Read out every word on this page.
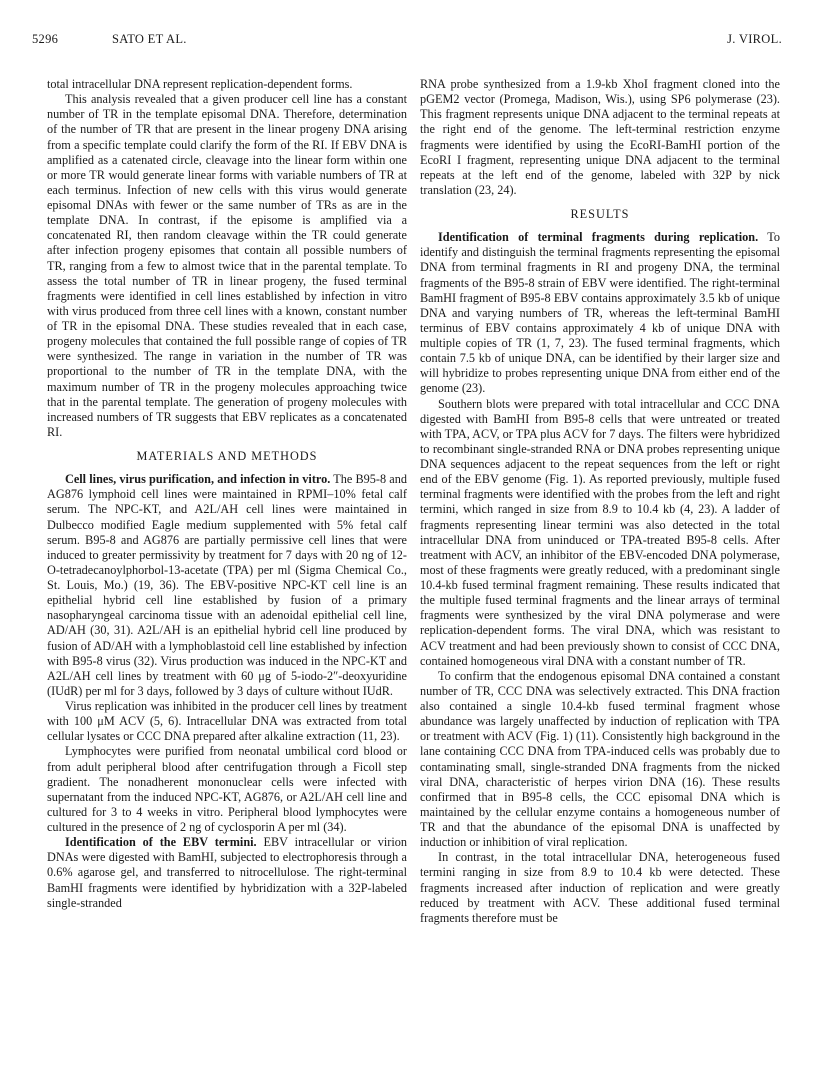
5296	SATO ET AL.	J. VIROL.

total intracellular DNA represent replication-dependent forms.

This analysis revealed that a given producer cell line has a constant number of TR in the template episomal DNA. Therefore, determination of the number of TR that are present in the linear progeny DNA arising from a specific template could clarify the form of the RI. If EBV DNA is amplified as a catenated circle, cleavage into the linear form within one or more TR would generate linear forms with variable numbers of TR at each terminus. Infection of new cells with this virus would generate episomal DNAs with fewer or the same number of TRs as are in the template DNA. In contrast, if the episome is amplified via a concatenated RI, then random cleavage within the TR could generate after infection progeny episomes that contain all possible numbers of TR, ranging from a few to almost twice that in the parental template. To assess the total number of TR in linear progeny, the fused terminal fragments were identified in cell lines established by infection in vitro with virus produced from three cell lines with a known, constant number of TR in the episomal DNA. These studies revealed that in each case, progeny molecules that contained the full possible range of copies of TR were synthesized. The range in variation in the number of TR was proportional to the number of TR in the template DNA, with the maximum number of TR in the progeny molecules approaching twice that in the parental template. The generation of progeny molecules with increased numbers of TR suggests that EBV replicates as a concatenated RI.

MATERIALS AND METHODS

Cell lines, virus purification, and infection in vitro. The B95-8 and AG876 lymphoid cell lines were maintained in RPMI–10% fetal calf serum. The NPC-KT, and A2L/AH cell lines were maintained in Dulbecco modified Eagle medium supplemented with 5% fetal calf serum. B95-8 and AG876 are partially permissive cell lines that were induced to greater permissivity by treatment for 7 days with 20 ng of 12-O-tetradecanoylphorbol-13-acetate (TPA) per ml (Sigma Chemical Co., St. Louis, Mo.) (19, 36). The EBV-positive NPC-KT cell line is an epithelial hybrid cell line established by fusion of a primary nasopharyngeal carcinoma tissue with an adenoidal epithelial cell line, AD/AH (30, 31). A2L/AH is an epithelial hybrid cell line produced by fusion of AD/AH with a lymphoblastoid cell line established by infection with B95-8 virus (32). Virus production was induced in the NPC-KT and A2L/AH cell lines by treatment with 60 μg of 5-iodo-2″-deoxyuridine (IUdR) per ml for 3 days, followed by 3 days of culture without IUdR.

Virus replication was inhibited in the producer cell lines by treatment with 100 μM ACV (5, 6). Intracellular DNA was extracted from total cellular lysates or CCC DNA prepared after alkaline extraction (11, 23).

Lymphocytes were purified from neonatal umbilical cord blood or from adult peripheral blood after centrifugation through a Ficoll step gradient. The nonadherent mononuclear cells were infected with supernatant from the induced NPC-KT, AG876, or A2L/AH cell line and cultured for 3 to 4 weeks in vitro. Peripheral blood lymphocytes were cultured in the presence of 2 ng of cyclosporin A per ml (34).

Identification of the EBV termini. EBV intracellular or virion DNAs were digested with BamHI, subjected to electrophoresis through a 0.6% agarose gel, and transferred to nitrocellulose. The right-terminal BamHI fragments were identified by hybridization with a 32P-labeled single-stranded

RNA probe synthesized from a 1.9-kb XhoI fragment cloned into the pGEM2 vector (Promega, Madison, Wis.), using SP6 polymerase (23). This fragment represents unique DNA adjacent to the terminal repeats at the right end of the genome. The left-terminal restriction enzyme fragments were identified by using the EcoRI-BamHI portion of the EcoRI I fragment, representing unique DNA adjacent to the terminal repeats at the left end of the genome, labeled with 32P by nick translation (23, 24).

RESULTS

Identification of terminal fragments during replication. To identify and distinguish the terminal fragments representing the episomal DNA from terminal fragments in RI and progeny DNA, the terminal fragments of the B95-8 strain of EBV were identified. The right-terminal BamHI fragment of B95-8 EBV contains approximately 3.5 kb of unique DNA and varying numbers of TR, whereas the left-terminal BamHI terminus of EBV contains approximately 4 kb of unique DNA with multiple copies of TR (1, 7, 23). The fused terminal fragments, which contain 7.5 kb of unique DNA, can be identified by their larger size and will hybridize to probes representing unique DNA from either end of the genome (23).

Southern blots were prepared with total intracellular and CCC DNA digested with BamHI from B95-8 cells that were untreated or treated with TPA, ACV, or TPA plus ACV for 7 days. The filters were hybridized to recombinant single-stranded RNA or DNA probes representing unique DNA sequences adjacent to the repeat sequences from the left or right end of the EBV genome (Fig. 1). As reported previously, multiple fused terminal fragments were identified with the probes from the left and right termini, which ranged in size from 8.9 to 10.4 kb (4, 23). A ladder of fragments representing linear termini was also detected in the total intracellular DNA from uninduced or TPA-treated B95-8 cells. After treatment with ACV, an inhibitor of the EBV-encoded DNA polymerase, most of these fragments were greatly reduced, with a predominant single 10.4-kb fused terminal fragment remaining. These results indicated that the multiple fused terminal fragments and the linear arrays of terminal fragments were synthesized by the viral DNA polymerase and were replication-dependent forms. The viral DNA, which was resistant to ACV treatment and had been previously shown to consist of CCC DNA, contained homogeneous viral DNA with a constant number of TR.

To confirm that the endogenous episomal DNA contained a constant number of TR, CCC DNA was selectively extracted. This DNA fraction also contained a single 10.4-kb fused terminal fragment whose abundance was largely unaffected by induction of replication with TPA or treatment with ACV (Fig. 1) (11). Consistently high background in the lane containing CCC DNA from TPA-induced cells was probably due to contaminating small, single-stranded DNA fragments from the nicked viral DNA, characteristic of herpes virion DNA (16). These results confirmed that in B95-8 cells, the CCC episomal DNA which is maintained by the cellular enzyme contains a homogeneous number of TR and that the abundance of the episomal DNA is unaffected by induction or inhibition of viral replication.

In contrast, in the total intracellular DNA, heterogeneous fused termini ranging in size from 8.9 to 10.4 kb were detected. These fragments increased after induction of replication and were greatly reduced by treatment with ACV. These additional fused terminal fragments therefore must be
